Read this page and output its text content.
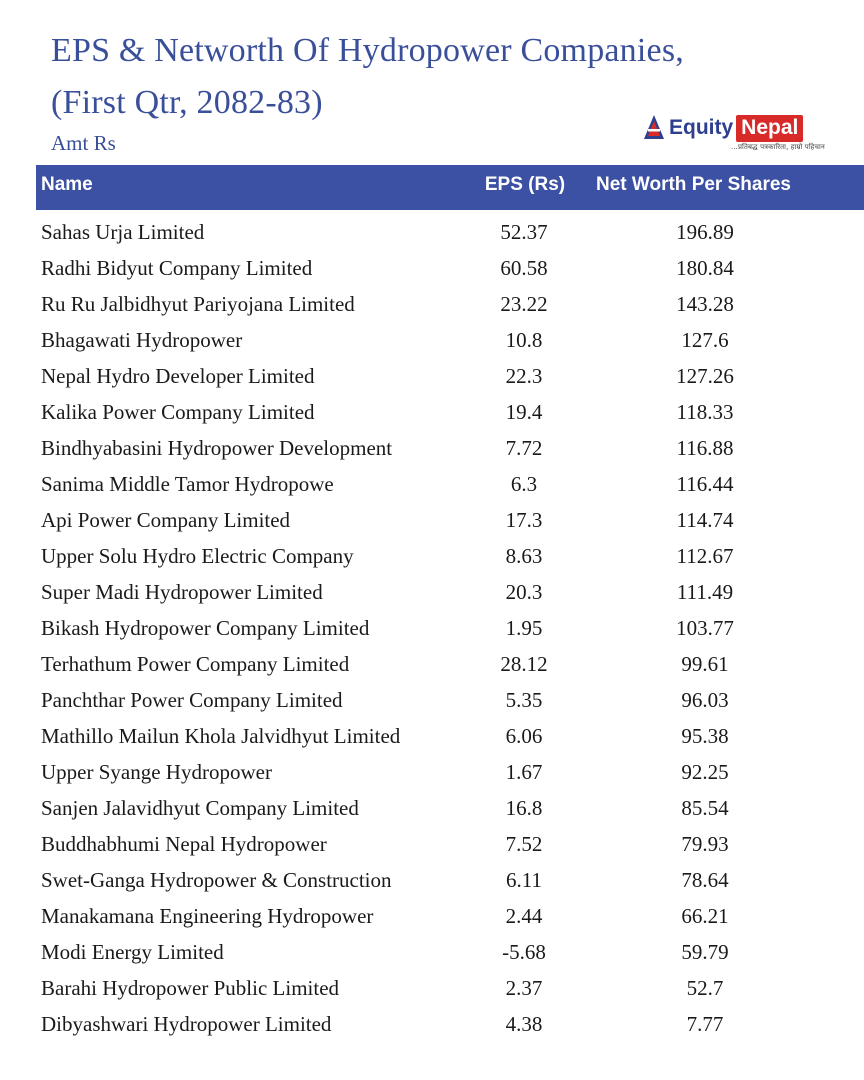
EPS & Networth Of Hydropower Companies,
(First Qtr, 2082-83)
Amt Rs
Equity Nepal
...प्रतिबद्ध पत्रकारिता, हाम्रो पहिचान
Name	EPS (Rs)	Net Worth Per Shares
Sahas Urja Limited	52.37	196.89
Radhi Bidyut Company Limited	60.58	180.84
Ru Ru Jalbidhyut Pariyojana Limited	23.22	143.28
Bhagawati Hydropower	10.8	127.6
Nepal Hydro Developer Limited	22.3	127.26
Kalika Power Company Limited	19.4	118.33
Bindhyabasini Hydropower Development	7.72	116.88
Sanima Middle Tamor Hydropowe	6.3	116.44
Api Power Company Limited	17.3	114.74
Upper Solu Hydro Electric Company	8.63	112.67
Super Madi Hydropower Limited	20.3	111.49
Bikash Hydropower Company Limited	1.95	103.77
Terhathum Power Company Limited	28.12	99.61
Panchthar Power Company Limited	5.35	96.03
Mathillo Mailun Khola Jalvidhyut Limited	6.06	95.38
Upper Syange Hydropower	1.67	92.25
Sanjen Jalavidhyut Company Limited	16.8	85.54
Buddhabhumi Nepal Hydropower	7.52	79.93
Swet-Ganga Hydropower & Construction	6.11	78.64
Manakamana Engineering Hydropower	2.44	66.21
Modi Energy Limited	-5.68	59.79
Barahi Hydropower Public Limited	2.37	52.7
Dibyashwari Hydropower Limited	4.38	7.77
